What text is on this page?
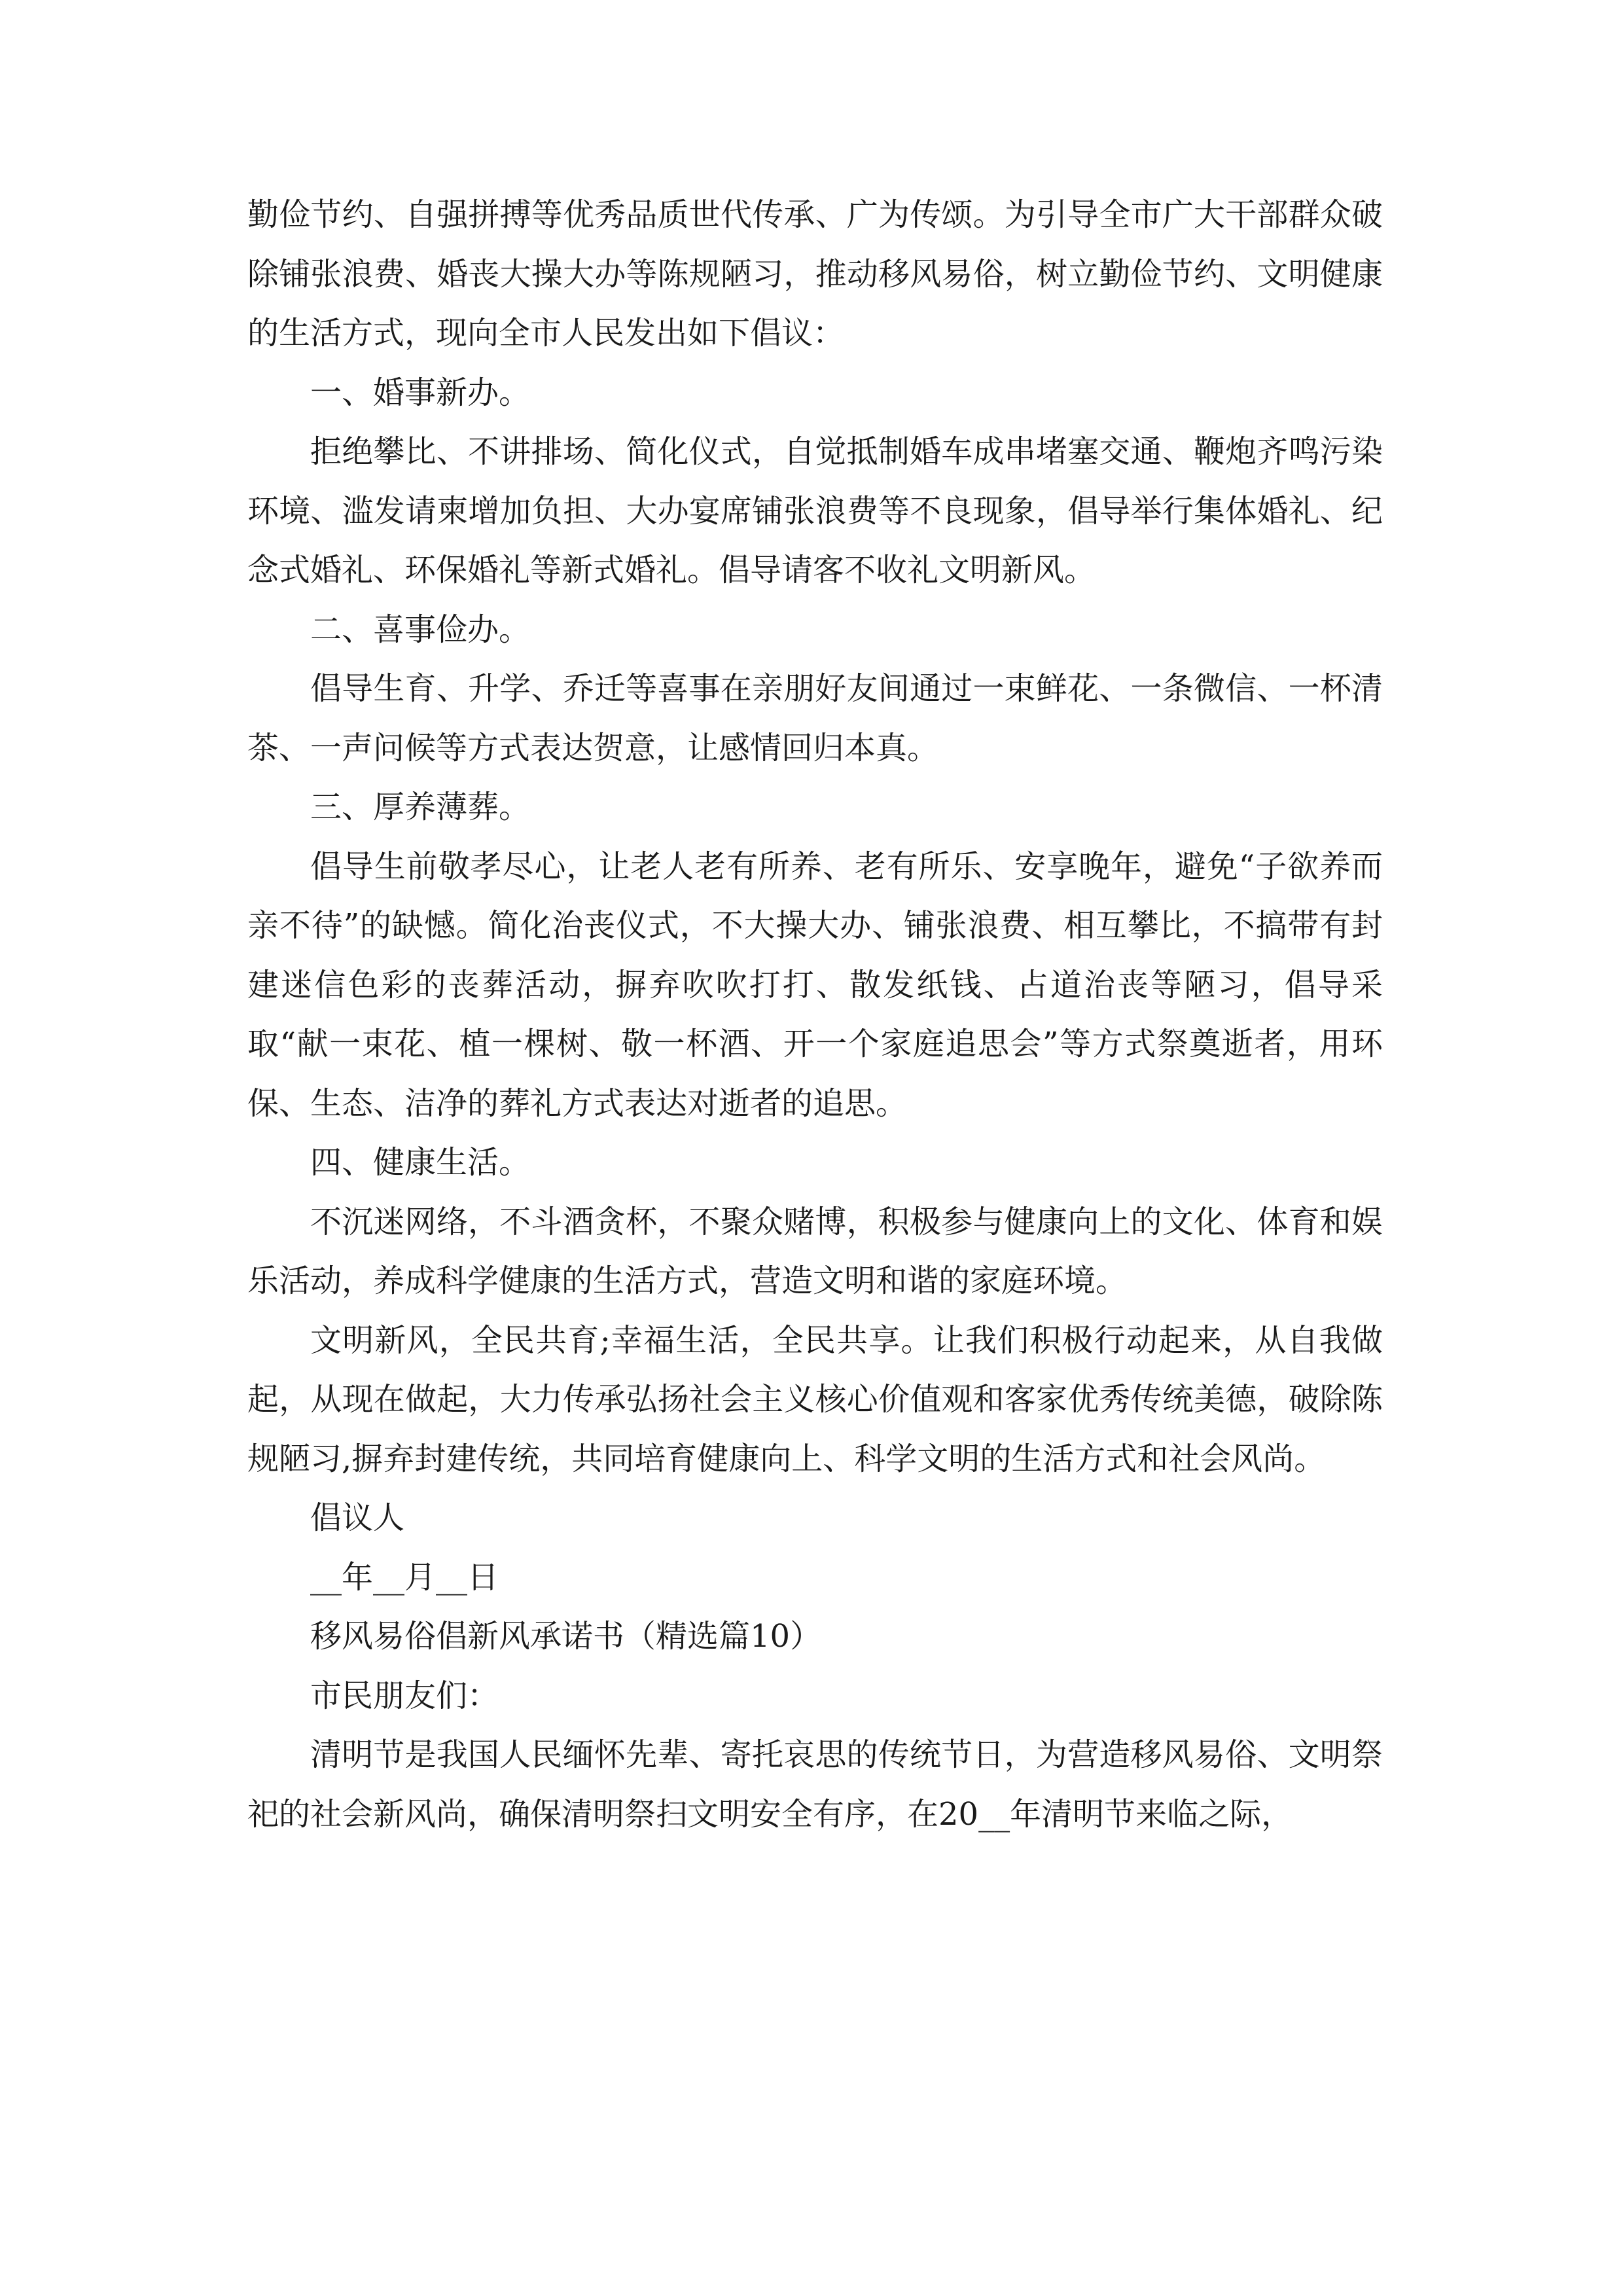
勤俭节约、自强拼搏等优秀品质世代传承、广为传颂。为引导全市广大干部群众破除铺张浪费、婚丧大操大办等陈规陋习，推动移风易俗，树立勤俭节约、文明健康的生活方式，现向全市人民发出如下倡议：

一、婚事新办。

拒绝攀比、不讲排场、简化仪式，自觉抵制婚车成串堵塞交通、鞭炮齐鸣污染环境、滥发请柬增加负担、大办宴席铺张浪费等不良现象，倡导举行集体婚礼、纪念式婚礼、环保婚礼等新式婚礼。倡导请客不收礼文明新风。

二、喜事俭办。

倡导生育、升学、乔迁等喜事在亲朋好友间通过一束鲜花、一条微信、一杯清茶、一声问候等方式表达贺意，让感情回归本真。

三、厚养薄葬。

倡导生前敬孝尽心，让老人老有所养、老有所乐、安享晚年，避免“子欲养而亲不待”的缺憾。简化治丧仪式，不大操大办、铺张浪费、相互攀比，不搞带有封建迷信色彩的丧葬活动，摒弃吹吹打打、散发纸钱、占道治丧等陋习，倡导采取“献一束花、植一棵树、敬一杯酒、开一个家庭追思会”等方式祭奠逝者，用环保、生态、洁净的葬礼方式表达对逝者的追思。

四、健康生活。

不沉迷网络，不斗酒贪杯，不聚众赌博，积极参与健康向上的文化、体育和娱乐活动，养成科学健康的生活方式，营造文明和谐的家庭环境。

文明新风，全民共育;幸福生活，全民共享。让我们积极行动起来，从自我做起，从现在做起，大力传承弘扬社会主义核心价值观和客家优秀传统美德，破除陈规陋习,摒弃封建传统，共同培育健康向上、科学文明的生活方式和社会风尚。

倡议人

__年__月__日

移风易俗倡新风承诺书（精选篇10）

市民朋友们：

清明节是我国人民缅怀先辈、寄托哀思的传统节日，为营造移风易俗、文明祭祀的社会新风尚，确保清明祭扫文明安全有序，在20__年清明节来临之际，
